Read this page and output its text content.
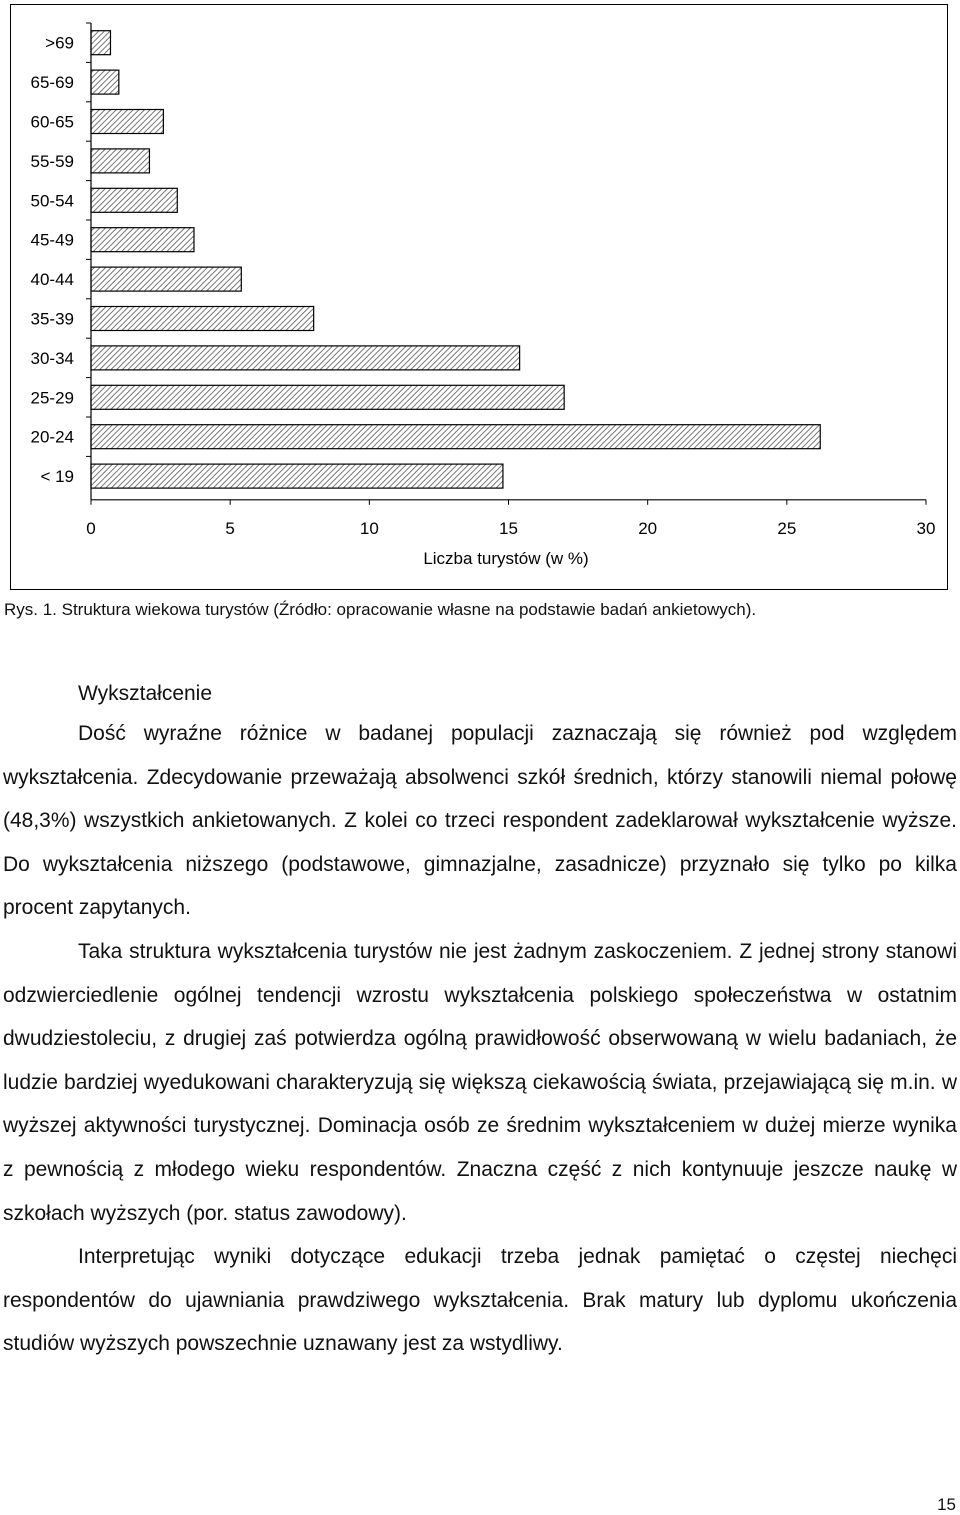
>69
65-69
60-65
55-59
50-54
45-49
40-44
35-39
30-34
25-29
20-24
< 19
0	5	10	15	20	25	30
Liczba turystów (w %)
Rys. 1. Struktura wiekowa turystów (Źródło: opracowanie własne na podstawie badań ankietowych).
Wykształcenie

Dość wyraźne różnice w badanej populacji zaznaczają się również pod względem wykształcenia. Zdecydowanie przeważają absolwenci szkół średnich, którzy stanowili niemal połowę (48,3%) wszystkich ankietowanych. Z kolei co trzeci respondent zadeklarował wykształcenie wyższe. Do wykształcenia niższego (podstawowe, gimnazjalne, zasadnicze) przyznało się tylko po kilka procent zapytanych.

Taka struktura wykształcenia turystów nie jest żadnym zaskoczeniem. Z jednej strony stanowi odzwierciedlenie ogólnej tendencji wzrostu wykształcenia polskiego społeczeństwa w ostatnim dwudziestoleciu, z drugiej zaś potwierdza ogólną prawidłowość obserwowaną w wielu badaniach, że ludzie bardziej wyedukowani charakteryzują się większą ciekawością świata, przejawiającą się m.in. w wyższej aktywności turystycznej. Dominacja osób ze średnim wykształceniem w dużej mierze wynika z pewnością z młodego wieku respondentów. Znaczna część z nich kontynuuje jeszcze naukę w szkołach wyższych (por. status zawodowy).

Interpretując wyniki dotyczące edukacji trzeba jednak pamiętać o częstej niechęci respondentów do ujawniania prawdziwego wykształcenia. Brak matury lub dyplomu ukończenia studiów wyższych powszechnie uznawany jest za wstydliwy.

15
